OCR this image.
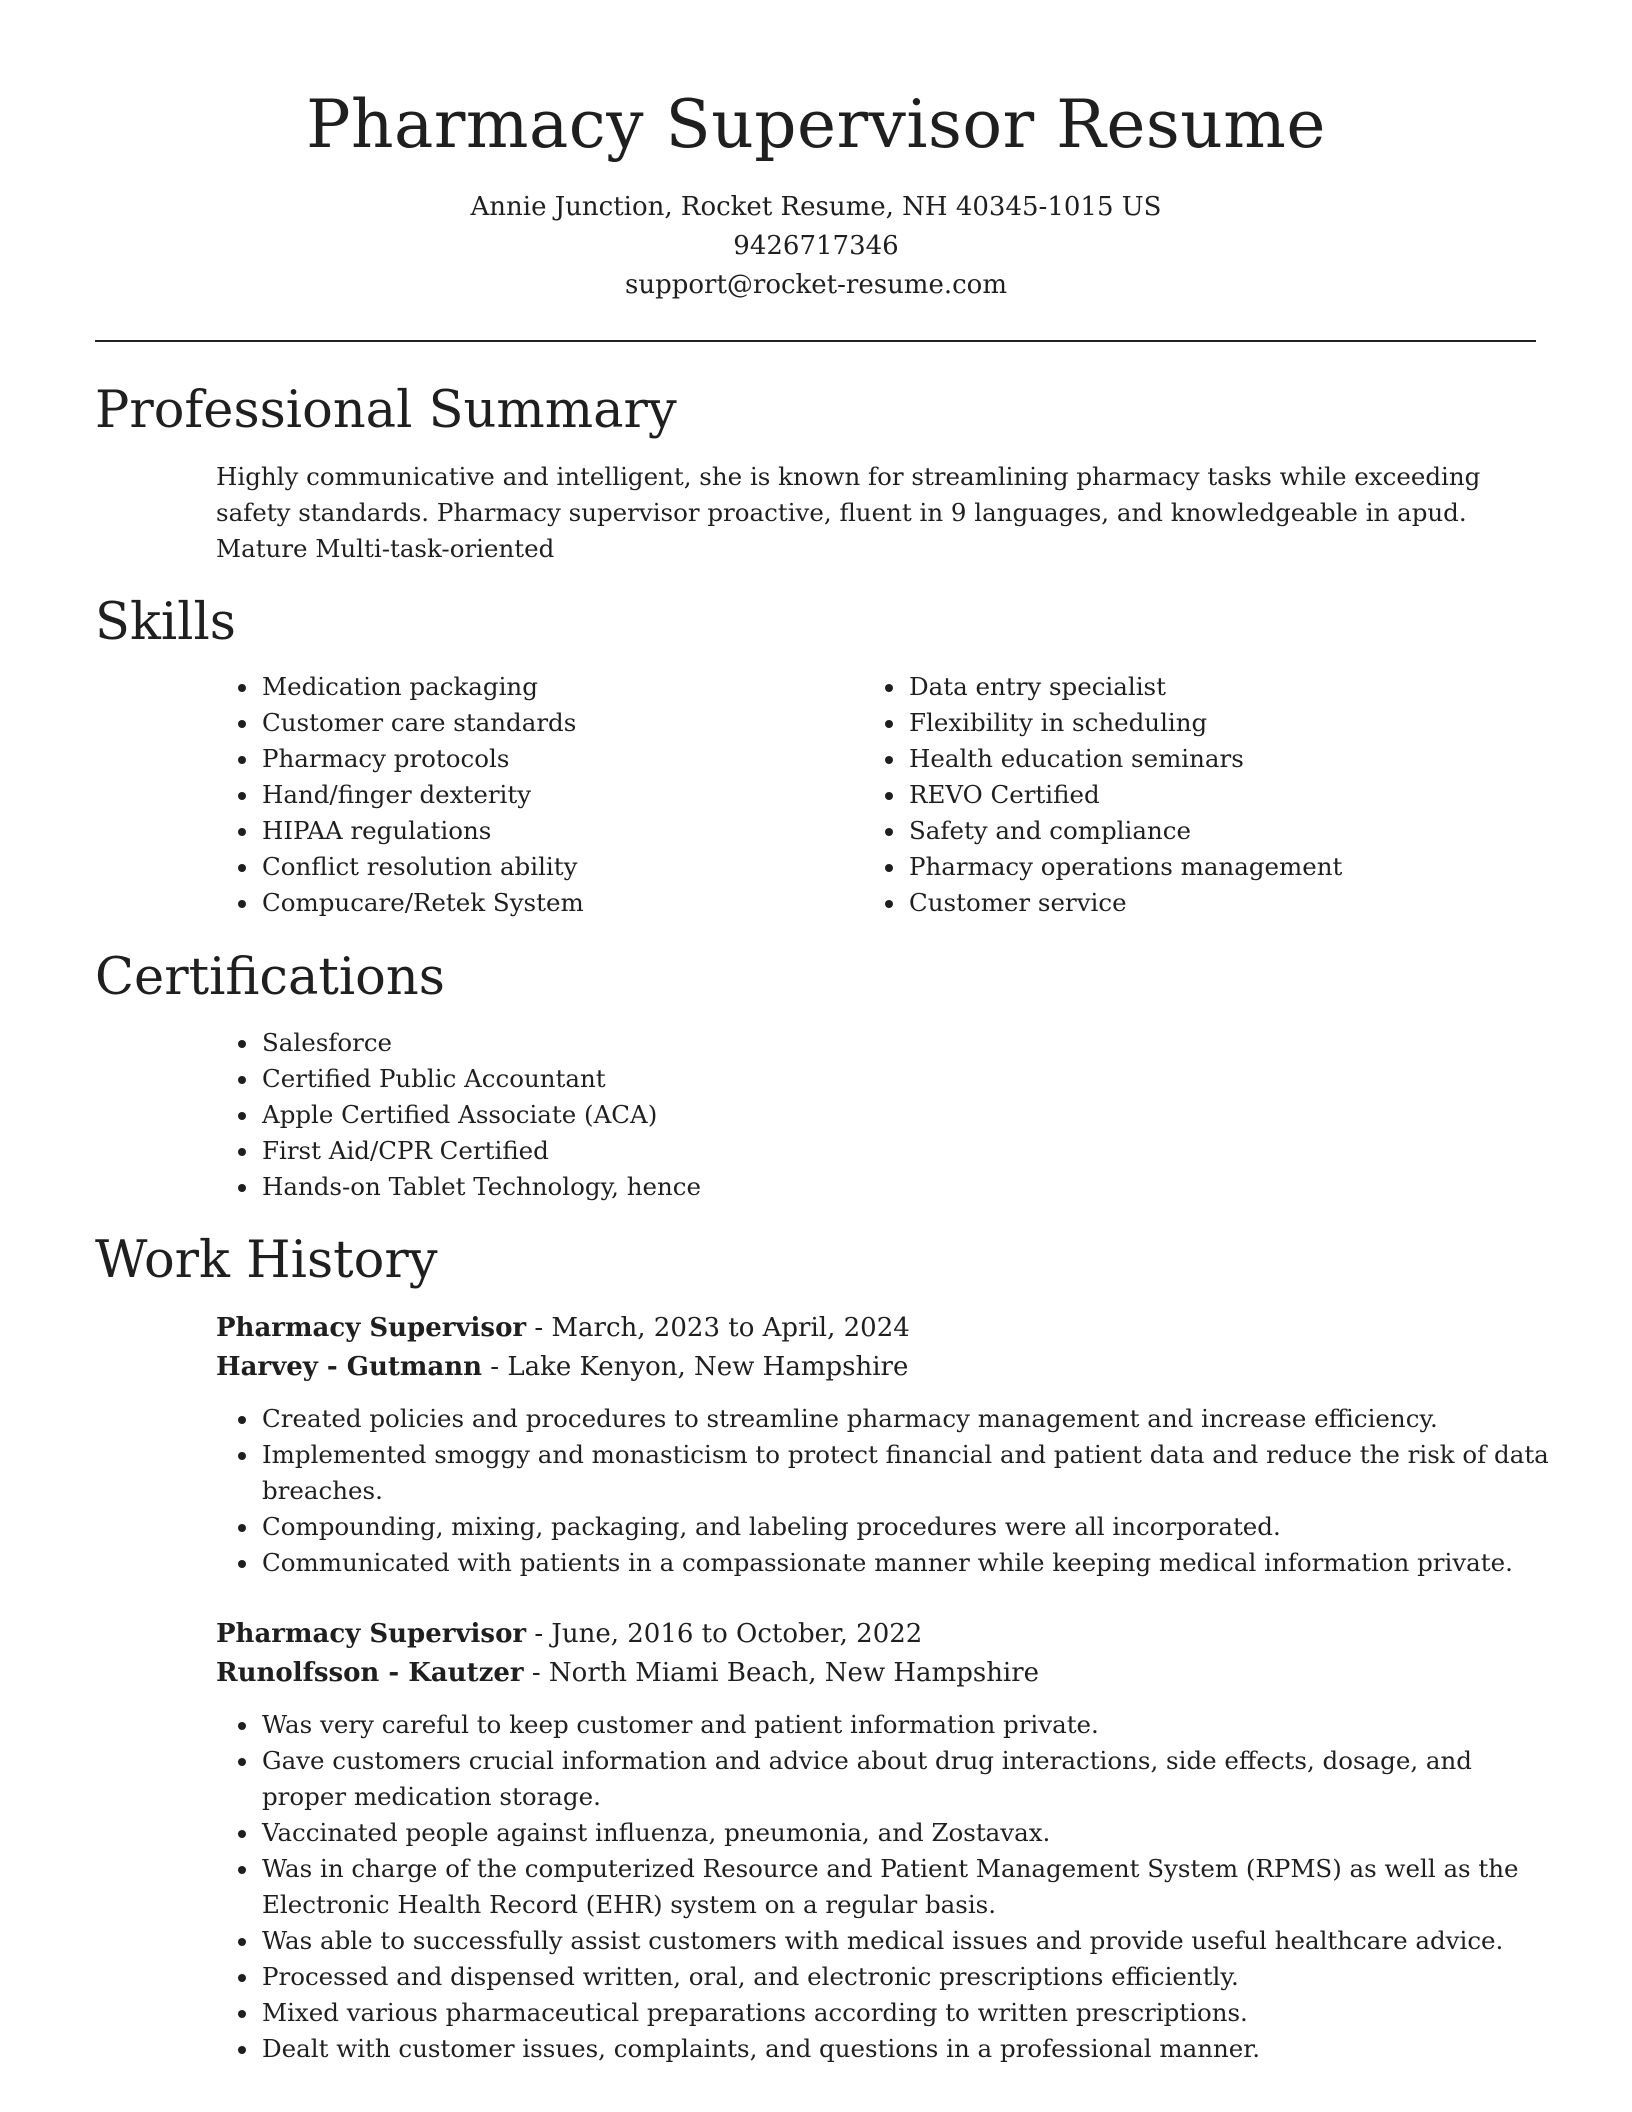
Pharmacy Supervisor Resume
Annie Junction, Rocket Resume, NH 40345-1015 US
9426717346
support@rocket-resume.com
Professional Summary

Highly communicative and intelligent, she is known for streamlining pharmacy tasks while exceeding safety standards. Pharmacy supervisor proactive, fluent in 9 languages, and knowledgeable in apud. Mature Multi-task-oriented

Skills
• Medication packaging
• Customer care standards
• Pharmacy protocols
• Hand/finger dexterity
• HIPAA regulations
• Conflict resolution ability
• Compucare/Retek System
• Data entry specialist
• Flexibility in scheduling
• Health education seminars
• REVO Certified
• Safety and compliance
• Pharmacy operations management
• Customer service
Certifications
• Salesforce
• Certified Public Accountant
• Apple Certified Associate (ACA)
• First Aid/CPR Certified
• Hands-on Tablet Technology, hence
Work History
Pharmacy Supervisor - March, 2023 to April, 2024
Harvey - Gutmann - Lake Kenyon, New Hampshire
• Created policies and procedures to streamline pharmacy management and increase efficiency.
• Implemented smoggy and monasticism to protect financial and patient data and reduce the risk of data breaches.
• Compounding, mixing, packaging, and labeling procedures were all incorporated.
• Communicated with patients in a compassionate manner while keeping medical information private.
Pharmacy Supervisor - June, 2016 to October, 2022
Runolfsson - Kautzer - North Miami Beach, New Hampshire
• Was very careful to keep customer and patient information private.
• Gave customers crucial information and advice about drug interactions, side effects, dosage, and proper medication storage.
• Vaccinated people against influenza, pneumonia, and Zostavax.
• Was in charge of the computerized Resource and Patient Management System (RPMS) as well as the Electronic Health Record (EHR) system on a regular basis.
• Was able to successfully assist customers with medical issues and provide useful healthcare advice.
• Processed and dispensed written, oral, and electronic prescriptions efficiently.
• Mixed various pharmaceutical preparations according to written prescriptions.
• Dealt with customer issues, complaints, and questions in a professional manner.
